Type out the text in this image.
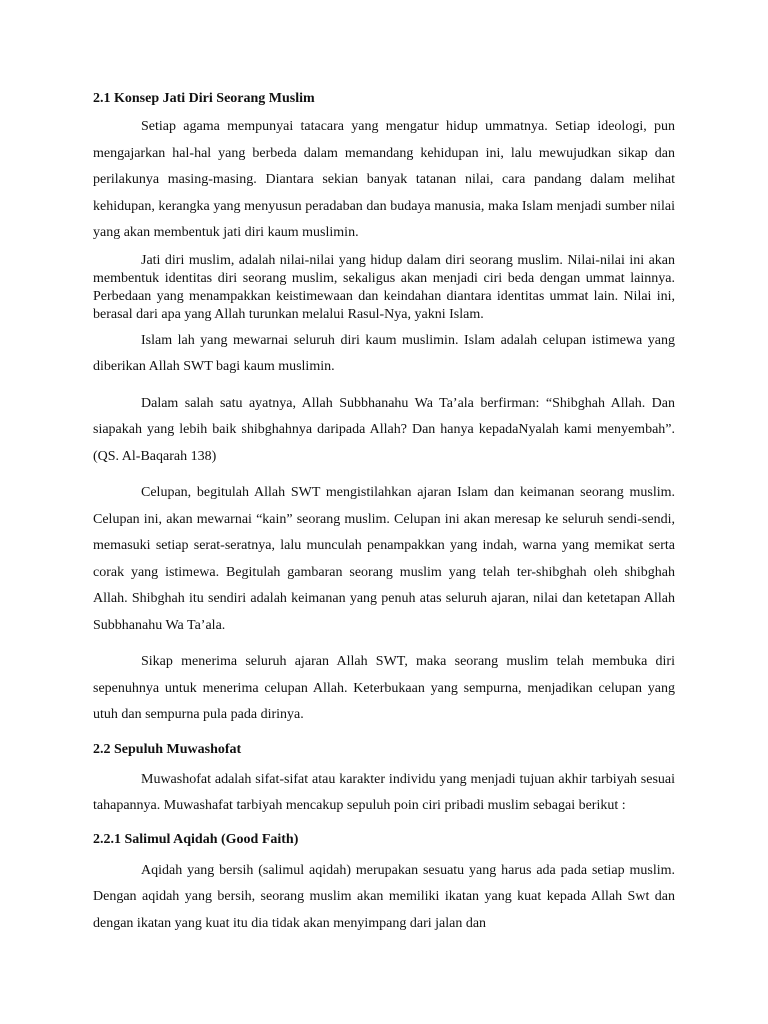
2.1 Konsep Jati Diri Seorang Muslim

Setiap agama mempunyai tatacara yang mengatur hidup ummatnya. Setiap ideologi, pun mengajarkan hal-hal yang berbeda dalam memandang kehidupan ini, lalu mewujudkan sikap dan perilakunya masing-masing. Diantara sekian banyak tatanan nilai, cara pandang dalam melihat kehidupan, kerangka yang menyusun peradaban dan budaya manusia, maka Islam menjadi sumber nilai yang akan membentuk jati diri kaum muslimin.

Jati diri muslim, adalah nilai-nilai yang hidup dalam diri seorang muslim. Nilai-nilai ini akan membentuk identitas diri seorang muslim, sekaligus akan menjadi ciri beda dengan ummat lainnya. Perbedaan yang menampakkan keistimewaan dan keindahan diantara identitas ummat lain. Nilai ini, berasal dari apa yang Allah turunkan melalui Rasul-Nya, yakni Islam.

Islam lah yang mewarnai seluruh diri kaum muslimin. Islam adalah celupan istimewa yang diberikan Allah SWT bagi kaum muslimin.

Dalam salah satu ayatnya, Allah Subbhanahu Wa Ta’ala berfirman: “Shibghah Allah. Dan siapakah yang lebih baik shibghahnya daripada Allah? Dan hanya kepadaNyalah kami menyembah”. (QS. Al-Baqarah 138)

Celupan, begitulah Allah SWT mengistilahkan ajaran Islam dan keimanan seorang muslim. Celupan ini, akan mewarnai “kain” seorang muslim. Celupan ini akan meresap ke seluruh sendi-sendi, memasuki setiap serat-seratnya, lalu munculah penampakkan yang indah, warna yang memikat serta corak yang istimewa. Begitulah gambaran seorang muslim yang telah ter-shibghah oleh shibghah Allah. Shibghah itu sendiri adalah keimanan yang penuh atas seluruh ajaran, nilai dan ketetapan Allah Subbhanahu Wa Ta’ala.

Sikap menerima seluruh ajaran Allah SWT, maka seorang muslim telah membuka diri sepenuhnya untuk menerima celupan Allah. Keterbukaan yang sempurna, menjadikan celupan yang utuh dan sempurna pula pada dirinya.

2.2 Sepuluh Muwashofat

Muwashofat adalah sifat-sifat atau karakter individu yang menjadi tujuan akhir tarbiyah sesuai tahapannya. Muwashafat tarbiyah mencakup sepuluh poin ciri pribadi muslim sebagai berikut :

2.2.1 Salimul Aqidah (Good Faith)

Aqidah yang bersih (salimul aqidah) merupakan sesuatu yang harus ada pada setiap muslim. Dengan aqidah yang bersih, seorang muslim akan memiliki ikatan yang kuat kepada Allah Swt dan dengan ikatan yang kuat itu dia tidak akan menyimpang dari jalan dan
